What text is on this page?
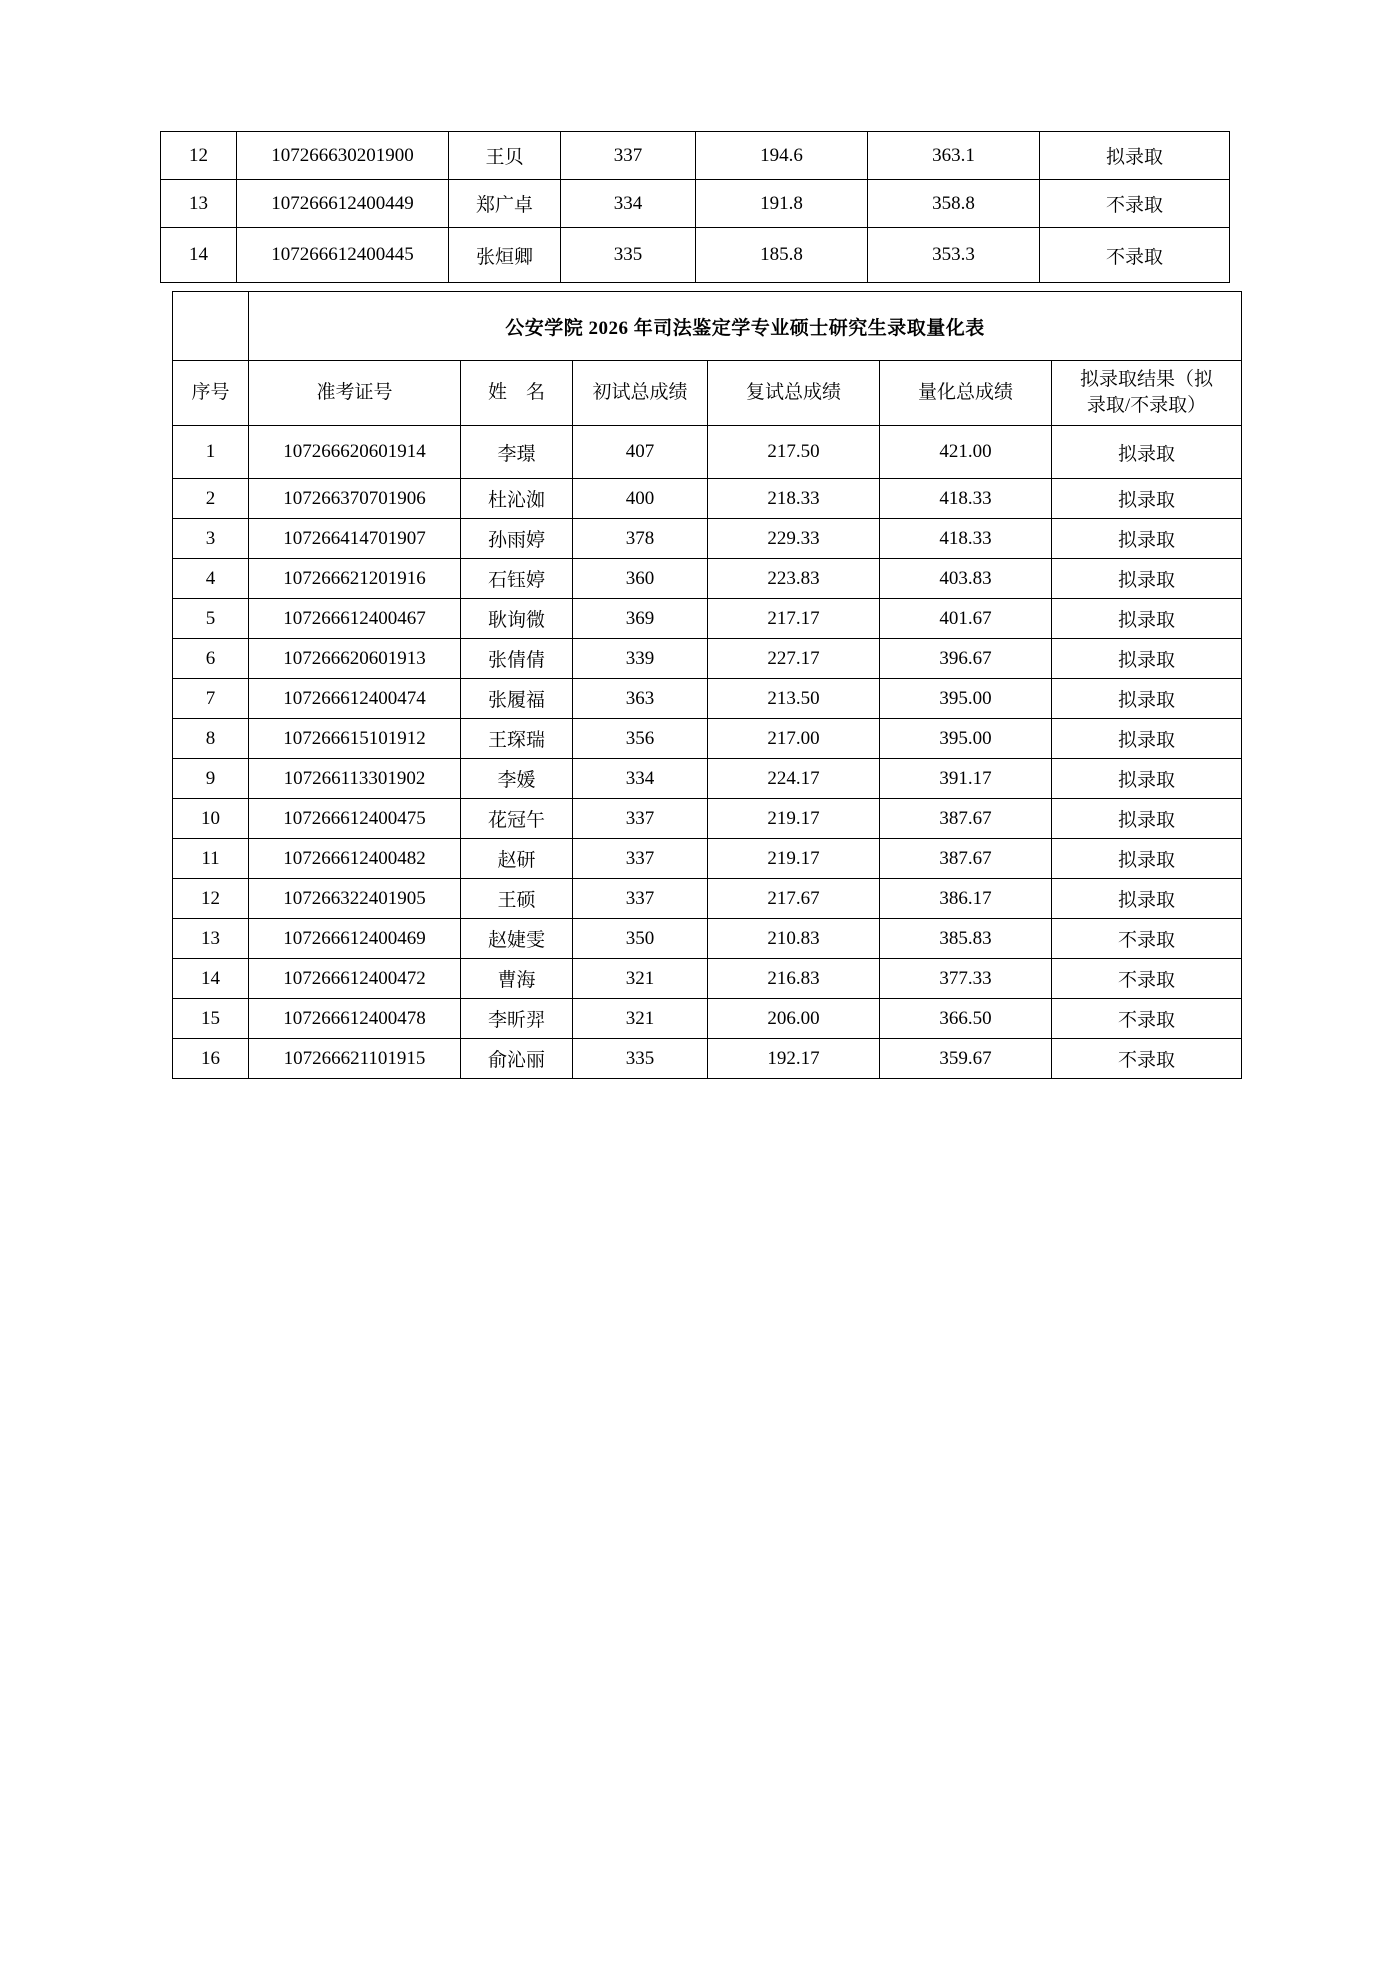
12	107266630201900	王贝	337	194.6	363.1	拟录取
13	107266612400449	郑广卓	334	191.8	358.8	不录取
14	107266612400445	张烜卿	335	185.8	353.3	不录取
	公安学院 2026 年司法鉴定学专业硕士研究生录取量化表					
序号	准考证号	姓　名	初试总成绩	复试总成绩	量化总成绩	拟录取结果（拟
录取/不录取）

1	107266620601914	李璟	407	217.50	421.00	拟录取
2	107266370701906	杜沁洳	400	218.33	418.33	拟录取
3	107266414701907	孙雨婷	378	229.33	418.33	拟录取
4	107266621201916	石钰婷	360	223.83	403.83	拟录取
5	107266612400467	耿询微	369	217.17	401.67	拟录取
6	107266620601913	张倩倩	339	227.17	396.67	拟录取
7	107266612400474	张履福	363	213.50	395.00	拟录取
8	107266615101912	王琛瑞	356	217.00	395.00	拟录取
9	107266113301902	李媛	334	224.17	391.17	拟录取
10	107266612400475	花冠午	337	219.17	387.67	拟录取
11	107266612400482	赵研	337	219.17	387.67	拟录取
12	107266322401905	王硕	337	217.67	386.17	拟录取
13	107266612400469	赵婕雯	350	210.83	385.83	不录取
14	107266612400472	曹海	321	216.83	377.33	不录取
15	107266612400478	李昕羿	321	206.00	366.50	不录取
16	107266621101915	俞沁丽	335	192.17	359.67	不录取
